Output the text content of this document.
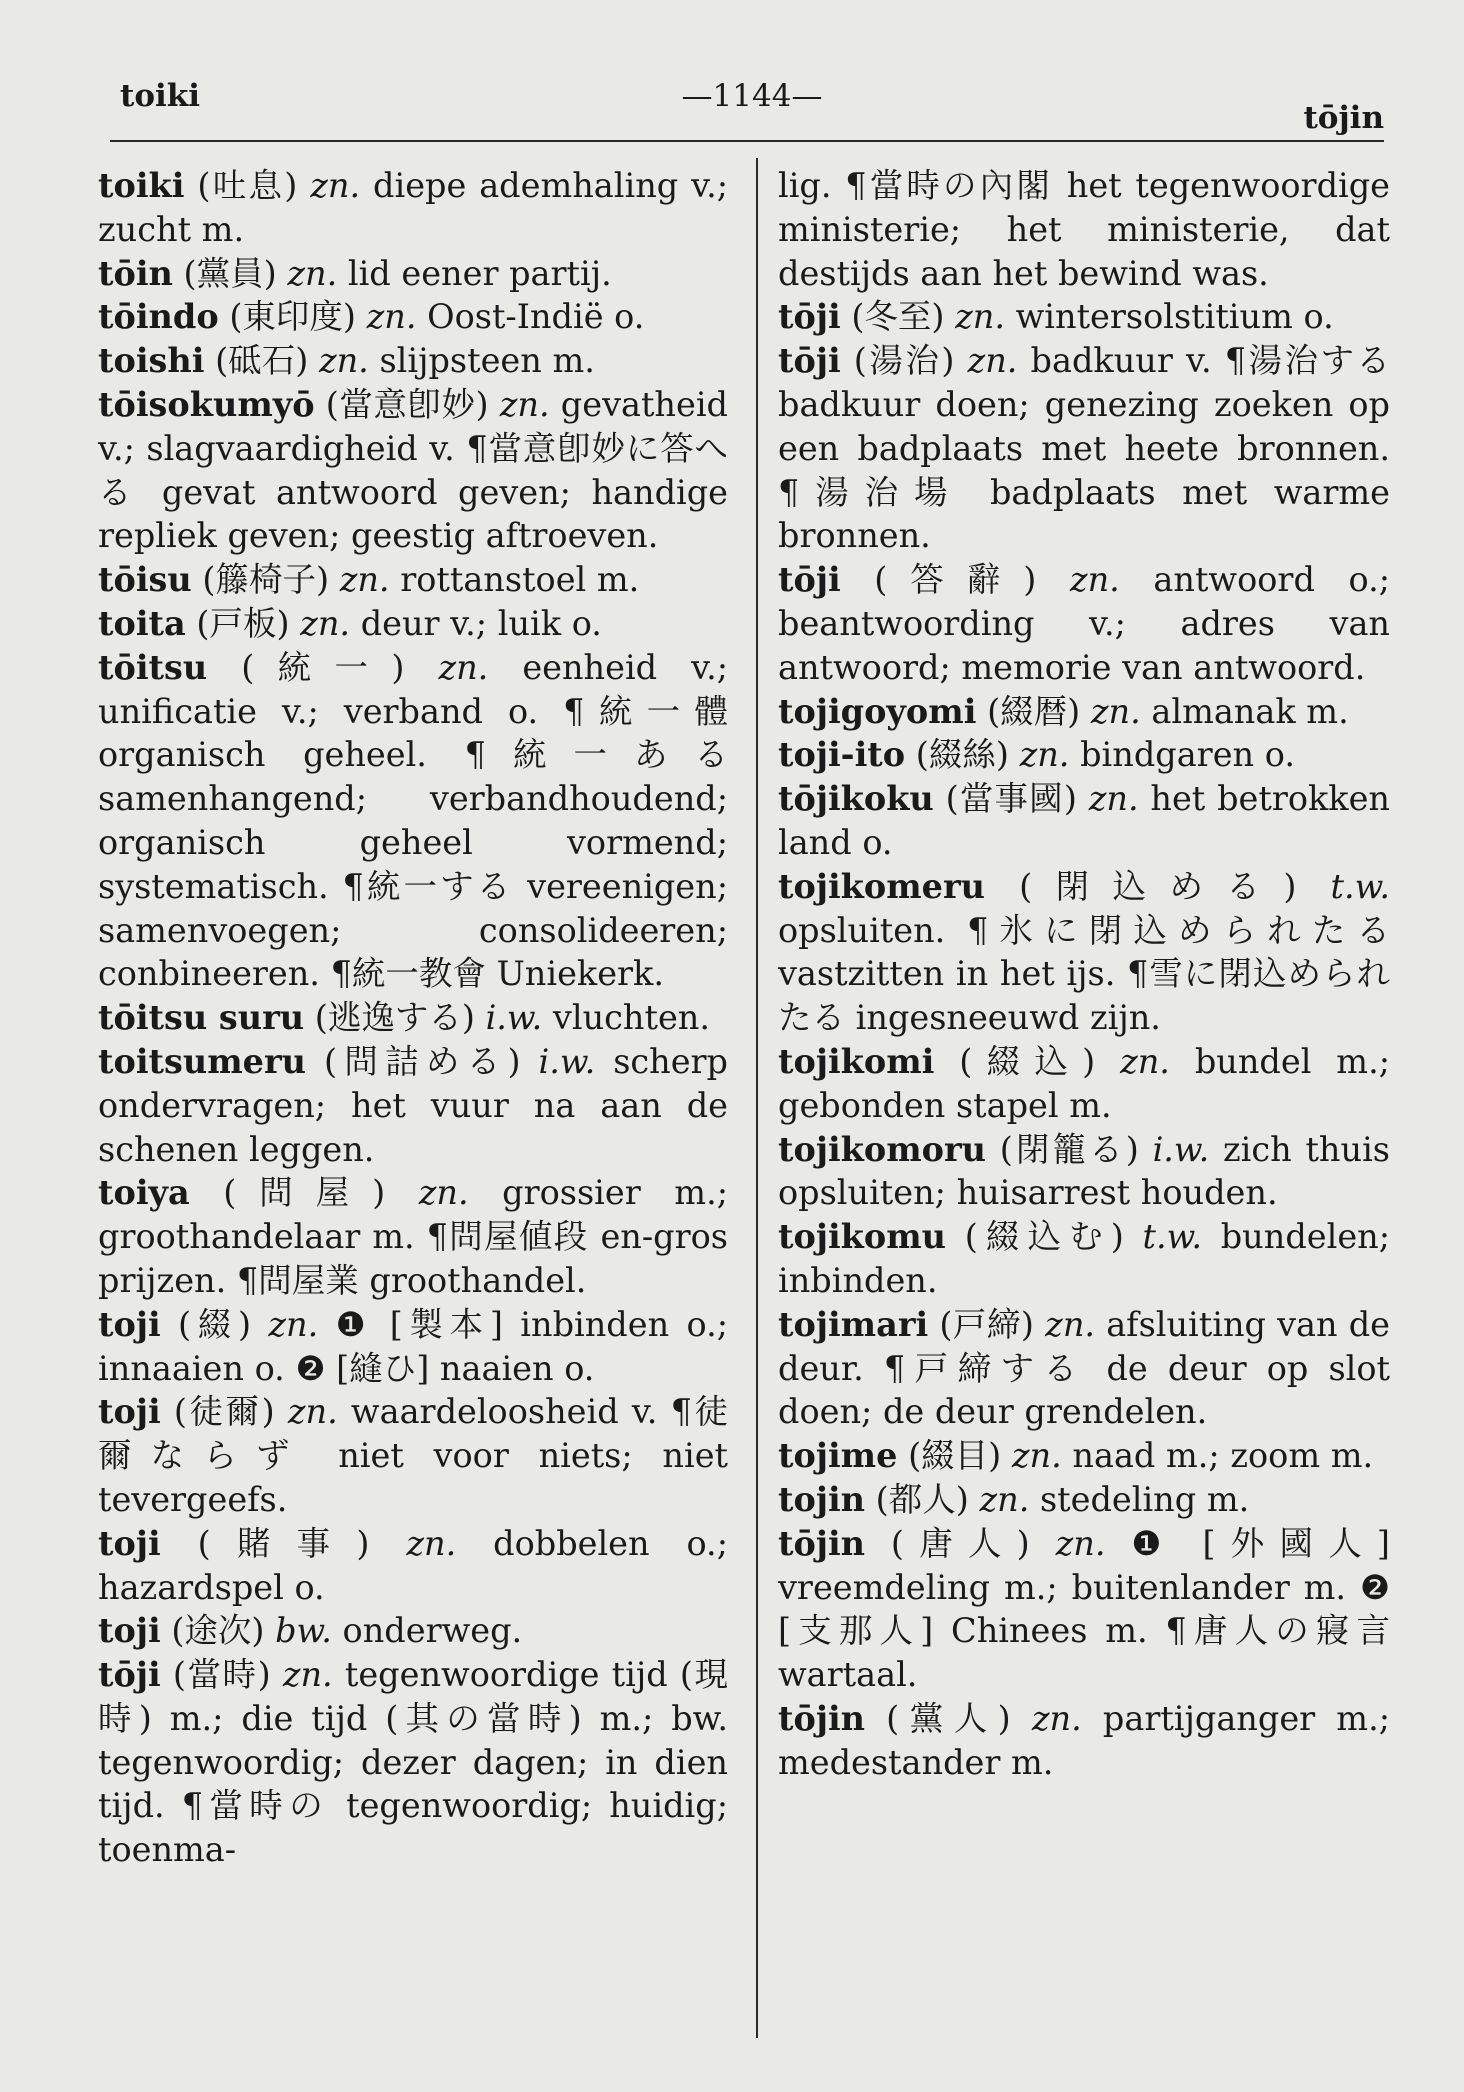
toiki	—1144—
tōjin

toiki (吐息) zn. diepe ademhaling v.; zucht m.

tōin (黨員) zn. lid eener partij.

tōindo (東印度) zn. Oost-Indië o.

toishi (砥石) zn. slijpsteen m.

tōisokumyō (當意卽妙) zn. gevatheid v.; slagvaardigheid v. ¶當意卽妙に答へる gevat antwoord geven; handige repliek geven; geestig aftroeven.

tōisu (籐椅子) zn. rottanstoel m.

toita (戸板) zn. deur v.; luik o.

tōitsu (統一) zn. eenheid v.; unificatie v.; verband o. ¶統一體 organisch geheel. ¶統一ある samenhangend; verbandhoudend; organisch geheel vormend; systematisch. ¶統一する vereenigen; samenvoegen; consolideeren; conbineeren. ¶統一教會 Uniekerk.

tōitsu suru (逃逸する) i.w. vluchten.

toitsumeru (問詰める) i.w. scherp ondervragen; het vuur na aan de schenen leggen.

toiya (問屋) zn. grossier m.; groothandelaar m. ¶問屋値段 en-gros prijzen. ¶問屋業 groothandel.

toji (綴) zn. ❶ [製本] inbinden o.; innaaien o. ❷ [縫ひ] naaien o.

toji (徒爾) zn. waardeloosheid v. ¶徒爾ならず niet voor niets; niet tevergeefs.

toji (賭事) zn. dobbelen o.; hazardspel o.

toji (途次) bw. onderweg.

tōji (當時) zn. tegenwoordige tijd (現時) m.; die tijd (其の當時) m.; bw. tegenwoordig; dezer dagen; in dien tijd. ¶當時の tegenwoordig; huidig; toenma-

lig. ¶當時の內閣 het tegenwoordige ministerie; het ministerie, dat destijds aan het bewind was.

tōji (冬至) zn. wintersolstitium o.

tōji (湯治) zn. badkuur v. ¶湯治する badkuur doen; genezing zoeken op een badplaats met heete bronnen. ¶湯治場 badplaats met warme bronnen.

tōji (答辭) zn. antwoord o.; beantwoording v.; adres van antwoord; memorie van antwoord.

tojigoyomi (綴暦) zn. almanak m.

toji-ito (綴絲) zn. bindgaren o.

tōjikoku (當事國) zn. het betrokken land o.

tojikomeru (閉込める) t.w. opsluiten. ¶氷に閉込められたる vastzitten in het ijs. ¶雪に閉込められたる ingesneeuwd zijn.

tojikomi (綴込) zn. bundel m.; gebonden stapel m.

tojikomoru (閉籠る) i.w. zich thuis opsluiten; huisarrest houden.

tojikomu (綴込む) t.w. bundelen; inbinden.

tojimari (戸締) zn. afsluiting van de deur. ¶戸締する de deur op slot doen; de deur grendelen.

tojime (綴目) zn. naad m.; zoom m.

tojin (都人) zn. stedeling m.

tōjin (唐人) zn. ❶ [外國人] vreemdeling m.; buitenlander m. ❷ [支那人] Chinees m. ¶唐人の寢言 wartaal.

tōjin (黨人) zn. partijganger m.; medestander m.
